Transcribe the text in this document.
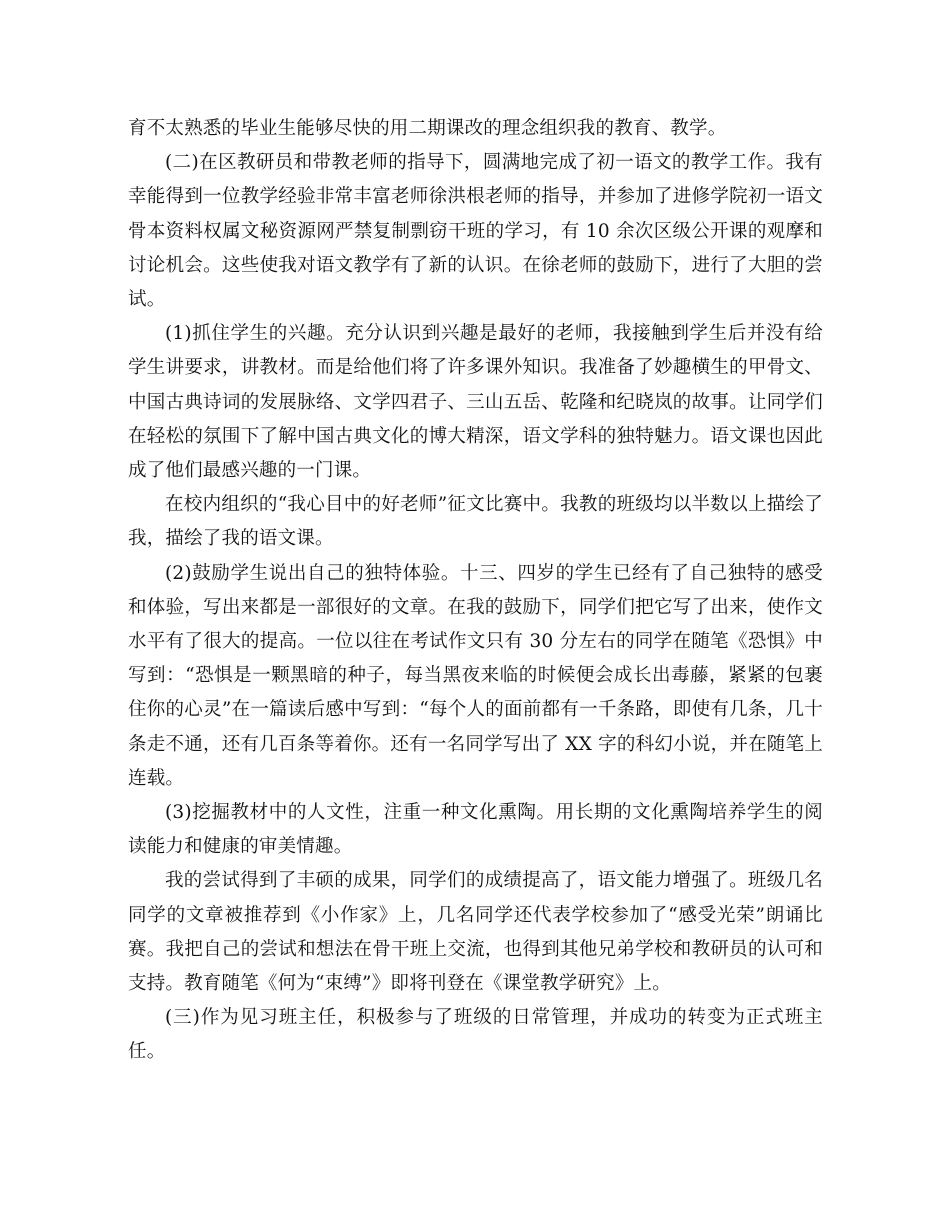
育不太熟悉的毕业生能够尽快的用二期课改的理念组织我的教育、教学。

(二)在区教研员和带教老师的指导下，圆满地完成了初一语文的教学工作。我有幸能得到一位教学经验非常丰富老师徐洪根老师的指导，并参加了进修学院初一语文骨本资料权属文秘资源网严禁复制剽窃干班的学习，有 10 余次区级公开课的观摩和讨论机会。这些使我对语文教学有了新的认识。在徐老师的鼓励下，进行了大胆的尝试。

(1)抓住学生的兴趣。充分认识到兴趣是最好的老师，我接触到学生后并没有给学生讲要求，讲教材。而是给他们将了许多课外知识。我准备了妙趣横生的甲骨文、中国古典诗词的发展脉络、文学四君子、三山五岳、乾隆和纪晓岚的故事。让同学们在轻松的氛围下了解中国古典文化的博大精深，语文学科的独特魅力。语文课也因此成了他们最感兴趣的一门课。

在校内组织的“我心目中的好老师”征文比赛中。我教的班级均以半数以上描绘了我，描绘了我的语文课。

(2)鼓励学生说出自己的独特体验。十三、四岁的学生已经有了自己独特的感受和体验，写出来都是一部很好的文章。在我的鼓励下，同学们把它写了出来，使作文水平有了很大的提高。一位以往在考试作文只有 30 分左右的同学在随笔《恐惧》中写到：“恐惧是一颗黑暗的种子，每当黑夜来临的时候便会成长出毒藤，紧紧的包裹住你的心灵”在一篇读后感中写到：“每个人的面前都有一千条路，即使有几条，几十条走不通，还有几百条等着你。还有一名同学写出了 XX 字的科幻小说，并在随笔上连载。

(3)挖掘教材中的人文性，注重一种文化熏陶。用长期的文化熏陶培养学生的阅读能力和健康的审美情趣。

我的尝试得到了丰硕的成果，同学们的成绩提高了，语文能力增强了。班级几名同学的文章被推荐到《小作家》上，几名同学还代表学校参加了“感受光荣”朗诵比赛。我把自己的尝试和想法在骨干班上交流，也得到其他兄弟学校和教研员的认可和支持。教育随笔《何为“束缚”》即将刊登在《课堂教学研究》上。

(三)作为见习班主任，积极参与了班级的日常管理，并成功的转变为正式班主任。
